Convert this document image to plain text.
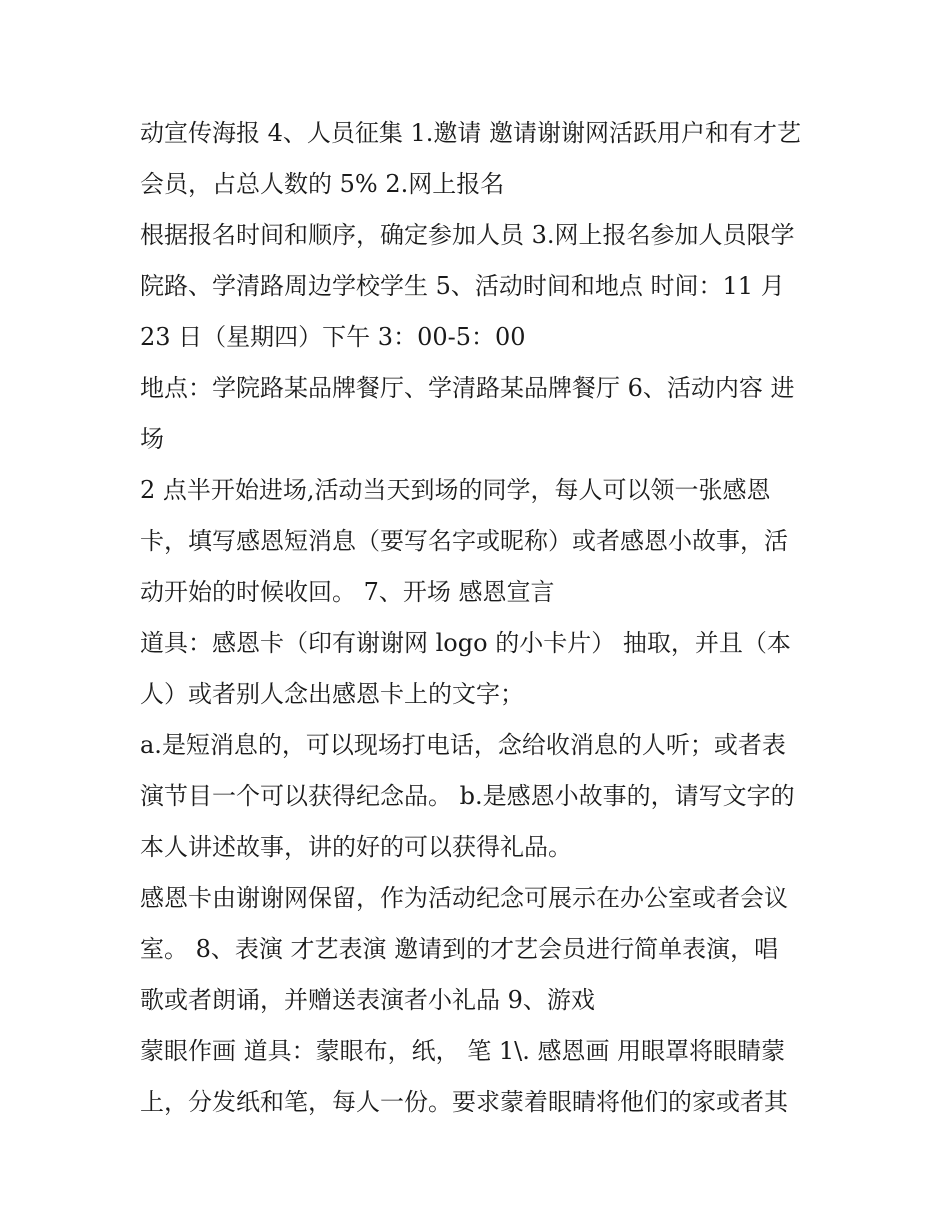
动宣传海报 4、人员征集 1.邀请 邀请谢谢网活跃用户和有才艺
会员，占总人数的 5% 2.网上报名
根据报名时间和顺序，确定参加人员 3.网上报名参加人员限学
院路、学清路周边学校学生 5、活动时间和地点 时间：11 月
23 日（星期四）下午 3：00-5：00
地点：学院路某品牌餐厅、学清路某品牌餐厅 6、活动内容 进
场
2 点半开始进场,活动当天到场的同学，每人可以领一张感恩
卡，填写感恩短消息（要写名字或昵称）或者感恩小故事，活
动开始的时候收回。 7、开场 感恩宣言
道具：感恩卡（印有谢谢网 logo 的小卡片） 抽取，并且（本
人）或者别人念出感恩卡上的文字；
a.是短消息的，可以现场打电话，念给收消息的人听；或者表
演节目一个可以获得纪念品。 b.是感恩小故事的，请写文字的
本人讲述故事，讲的好的可以获得礼品。
感恩卡由谢谢网保留，作为活动纪念可展示在办公室或者会议
室。 8、表演 才艺表演 邀请到的才艺会员进行简单表演，唱
歌或者朗诵，并赠送表演者小礼品 9、游戏
蒙眼作画 道具：蒙眼布，纸， 笔 1\. 感恩画 用眼罩将眼睛蒙
上，分发纸和笔，每人一份。要求蒙着眼睛将他们的家或者其
